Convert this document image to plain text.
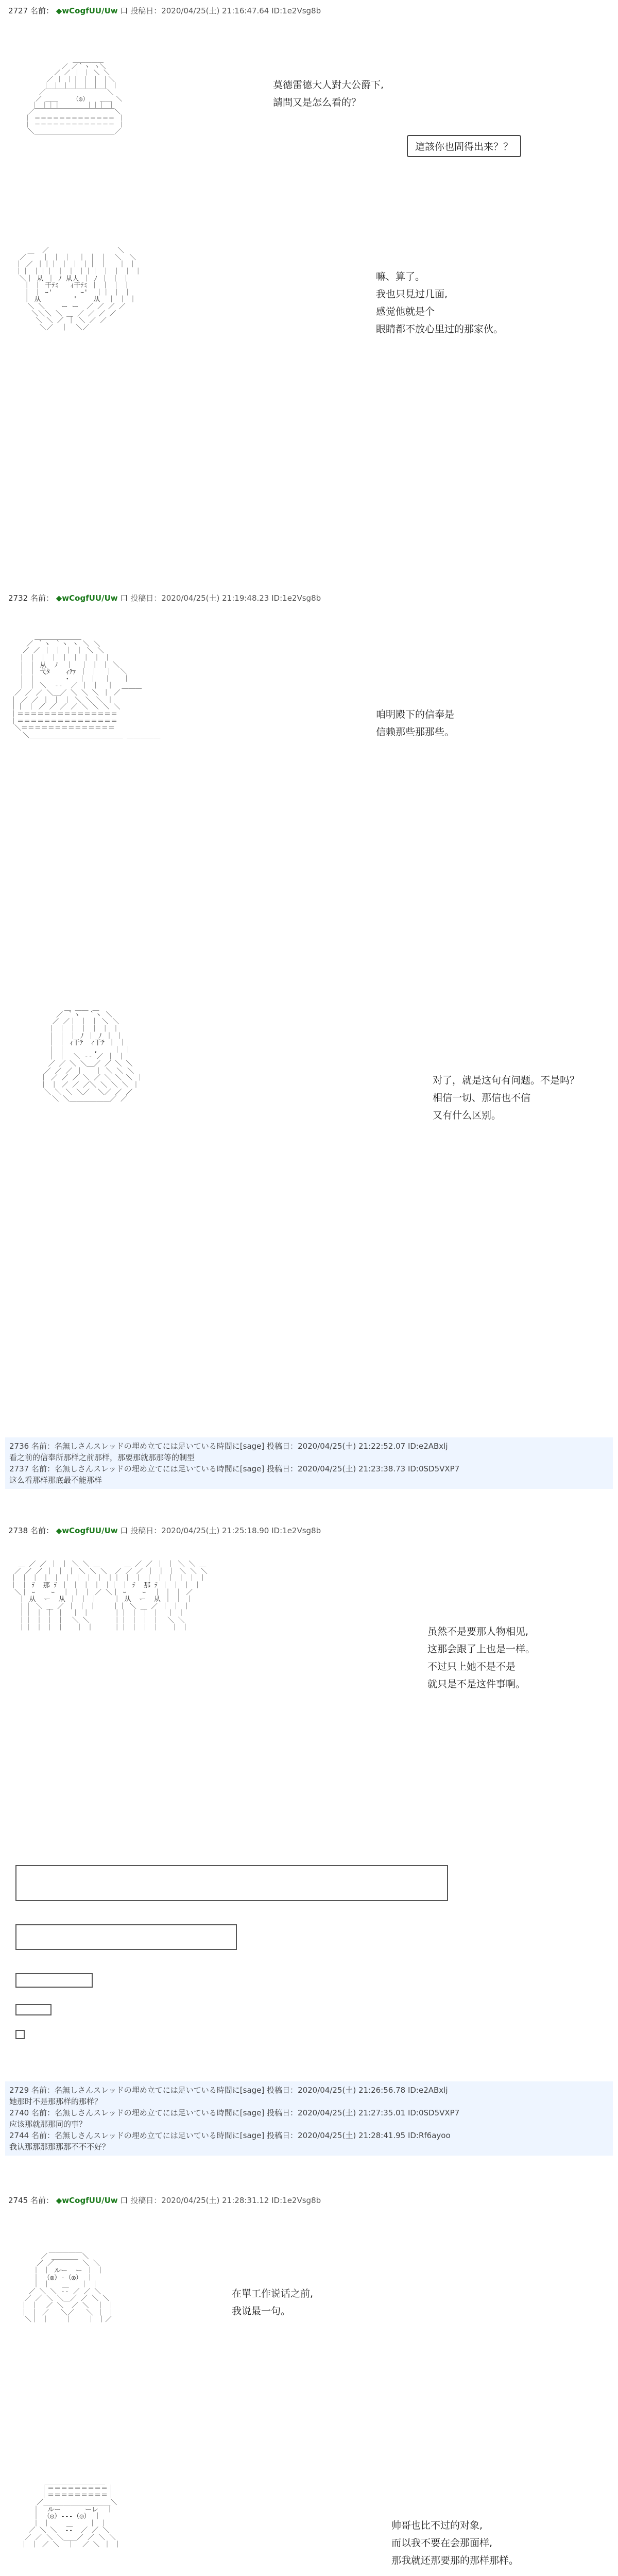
2727 名前： ◆wCogfUU/Uw 口 投稿日：2020/04/25(土) 21:16:47.64 ID:1e2Vsg8b
＿＿＿＿＿
／ ／｀ヽ ヽ＼
／ ／ ｜ ｜ ＼ ＼
／ ｜ ｜｜ ｜ ｜ ｜＼
｜ ｜ ｜ ｜ ｜ ｜ ｜ ｜
／￣￣￣￣￣￣￣￣￣￣＼
／ ＿＿    （◎）   ＿＿ ＼
｜ ｜｜｜       ｜｜｜ ｜
／￣￣￣￣￣￣￣￣￣￣￣￣￣＼
｜ ＝＝＝＝＝＝＝＝＝＝＝＝＝ ｜
｜ ＝＝＝＝＝＝＝＝＝＝＝＝＝ ｜
＼＿＿＿＿＿＿＿＿＿＿＿＿＿／
莫德雷德大人對大公爵下,
請問又是怎么看的？
這該你也問得出来？？
＿  ／                 ＼
／    ｜ ｜ ｜  ｜ ｜ ｜  ＼  ＼
｜ ／ ｜｜｜ ｜ ｜ ｜｜ ｜   ｜ ｜
｜｜ ｜｜｜ ｜ ｜ ｜｜｜ ｜ ｜ ｜ ｜
＼｜ 从 ｜ ﾉ 从人 ｜ ﾉ ｜ ｜ ｜
｜ ｜ 干ﾃﾐ   ｨ干ﾃﾐ ｜ ｜ ｜ ｜
｜ ｜ ｰ'       ｰ'  ｜｜ ｜ ｜
｜ 从        '    从  ｜ ｜ ｜
＼ ＼    ー ー  ／ ／ ／ ／
＼＼＼ ＼ ＿ ／ ／ ／ ／
＼ ＼ ／ ｜ ＼ ／ ／
＼／  ｜  ＼／
嘛、算了。
我也只見过几面,
感觉他就是个
眼睛都不放心里过的那家伙。
2732 名前： ◆wCogfUU/Uw 口 投稿日：2020/04/25(土) 21:19:48.23 ID:1e2Vsg8b
＿＿＿＿＿＿＿
／ ｀ヽ ｀ヽ ヽ ＼ ＼
／ ／ ｜ ｜ ｜ ｜ ＼ ＼
｜ ｜ ｜ ｜ ｜ ｜ ｜ ｜ ｜
｜ ｜ 从  ﾉ  ｜  ｜ ｜ ｜ ＼
｜ ｜ 弋ﾀ    ｨﾃｧ ｜ ｜  ｜  ＼
｜ ｜       ・  ｜ ｜  ｜   ｜
｜ ｜ ＼  ‐‐  ／ ｜ ｜  ｜  ＿＿＿
／ ／ ／ ＼＿／ ＼ ＼ ＼ ｜ ／
｜ ／ ／ ｜ ｜ ｜ ＼ ＼ ＼ ｜
｜｜ ｜ ／ ／ ／ ／ ＼ ＼ ＼ ＼
｜＝＝＝＝＝＝＝＝＝＝＝＝＝＝＝
｜＝＝＝＝＝＝＝＝＝＝＝＝＝＝＝
＼＝＝＝＝＝＝＝＝＝＝＝＝＝＝
＼＿＿＿＿＿＿＿＿＿＿＿＿＿＿ ＿＿＿＿＿
咱明殿下的信奉是
信赖那些那那些。
＿ ＿＿ ＿
／ ｀ヽ  ｀ヽ ＼
／ ／｜ ｜ ｜ ＼ ＼
｜ ｜ ｜ ｜ ｜ ｜ ｜
｜ ｜ ｜ ﾉ ｜ ﾉ ｜ ｜
｜ ｜ ｨ干ﾃ  ｨ干ﾃ ｜ ｜
｜ ｜       ,    ｜ ｜
｜ ｜  ＼ ‐‐ ／ ｜ ｜
／ ／ ＼ ＼＿／ ／ ＼ ＼
／ ／ ／ ｜   ｜ ＼ ＼ ＼
｜ ／ ／ ／ ＼ ／ ＼ ＼ ＼ ｜
｜ ｜ ／ ／ ／＼ ＼ ＼ ＼ ｜
＼ ＼ ＼ ＼／  ＼／ ／ ／
＼ ＼＿＿＿＿＿＿／ ／
对了，就是这句有问题。不是吗？
相信一切、那信也不信
又有什么区别。
2736 名前：名無しさんスレッドの埋め立てには足いている時間に[sage] 投稿日：2020/04/25(土) 21:22:52.07 ID:e2ABxlj
看之前的信奉所那样之前那样，那要那就那那等的制型
2737 名前：名無しさんスレッドの埋め立てには足いている時間に[sage] 投稿日：2020/04/25(土) 21:23:38.73 ID:0SD5VXP7
这么看那样那底最不能那样
2738 名前： ◆wCogfUU/Uw 口 投稿日：2020/04/25(土) 21:25:18.90 ID:1e2Vsg8b
＿ ／ ／ ｜ ｜ ＼ ＼ ＿      ＿ ／ ／ ｜ ｜ ＼ ＼ ＿
／ ／ ／ ｜ ｜ ｜ ＼ ＼ ＼  ／ ／ ／ ｜ ｜ ｜ ＼ ＼ ＼
｜ ｜ ｜ ｜ ｜ ｜ ｜ ｜ ｜ ｜｜ ｜ ｜ ｜ ｜ ｜ ｜ ｜ ｜
｜ ｜ ﾃ  那 ﾃ ｜ ｜ ｜ ｜ ｜｜ ｜ ﾃ  那 ﾃ ｜ ｜ ｜ ｜
＼｜ ｰ    ｰ  ｜ ｜ ｜ ／ ＼｜ ｰ    ｰ  ｜ ｜ ｜ ／
｜ 从  ー  从 ｜ ｜ ｜    ｜ 从  ー  从 ｜ ｜ ｜
｜｜ ＼ ＿ ／ ｜ ｜ ｜    ｜｜ ＼ ＿ ／ ｜ ｜ ｜
｜｜ ｜ ｜ ｜  ｜ ｜      ｜｜ ｜ ｜ ｜  ｜ ｜
｜｜ ｜ ｜ ｜  ＼ ＼      ｜｜ ｜ ｜ ｜  ＼ ＼
｜｜ ｜ ｜ ｜   ｜ ｜     ｜｜ ｜ ｜ ｜   ｜ ｜	虽然不是要那人物相见,
这那会跟了上也是一样。
不过只上她不是不是
就只是不是这件事啊。
2729 名前：名無しさんスレッドの埋め立てには足いている時間に[sage] 投稿日：2020/04/25(土) 21:26:56.78 ID:e2ABxlj
她那时不是那那样的那样？
2740 名前：名無しさんスレッドの埋め立てには足いている時間に[sage] 投稿日：2020/04/25(土) 21:27:35.01 ID:0SD5VXP7
应该那就那那同的事？
2744 名前：名無しさんスレッドの埋め立てには足いている時間に[sage] 投稿日：2020/04/25(土) 21:28:41.95 ID:Rf6ayoo
我认那那那那那那不不不好？
2745 名前： ◆wCogfUU/Uw 口 投稿日：2020/04/25(土) 21:28:31.12 ID:1e2Vsg8b
＿＿＿＿＿
／ ＿＿＿＿ ＼
／ ／       ＼ ＼
｜ ｜ ルー  ー ｜ ｜
｜ （◎）‐（◎） ｜
｜ ｜   ＿   ｜ ｜
／ ＼ ＼ ‐‐ ／ ／ ＼
／ ／ ＼ ＼＿／ ／ ＼ ＼
｜ ｜  ／ ＼  ／ ＼  ｜ ｜
｜ ｜ ／   ＼／   ＼ ｜ ｜
＼｜ ｜    ｜    ｜ ｜／
在單工作说话之前,
我说最一句。
＿＿＿＿＿＿＿＿＿
｜＝＝＝＝＝＝＝＝＝｜
｜＝＝＝＝＝＝＝＝＝｜
／＿＿＿＿＿＿＿＿＿＿＼
｜  ルー      ーレ  ｜
｜ （◎）‐‐‐（◎） ｜
｜ ｜    ＿    ｜ ｜
／ ＼ ＼  ‐‐  ／ ／ ＼
／ ／ ＼ ＼＿＿／ ／ ＼ ＼
｜ ｜ ／ ＼  ｜  ／ ＼ ｜ ｜
帅哥也比不过的对象,
而以我不要在会那面样,
那我就还那要那的那样那样。
